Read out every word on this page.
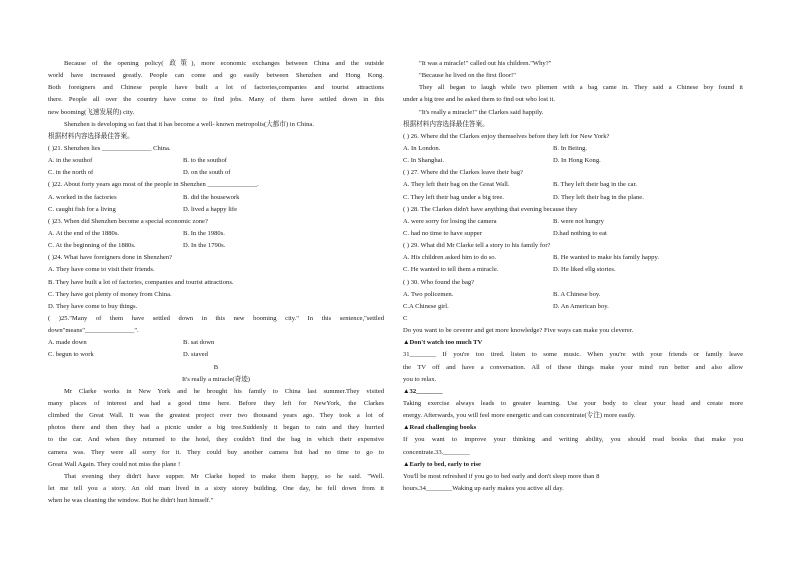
Because of the opening policy( 政策), more economic exchanges between China and the outside
world have increased greatly. People can come and go easily between Shenzhen and Hong Kong.
Both foreigners and Chinese people have built a lot of factories,companies and tourist attractions
there. People all over the country have come to find jobs. Many of them have settled down in this
new booming(飞速发展的) city.
Shenzhen is developing so fast that it has become a well- known metropolis(大都市) in China.
根据材料内容选择最佳答案。
( )21. Shenzhen lies _______________ China.
A. in the southof	B. to the southof
C. in the north of	D. on the south of
( )22. About forty years ago most of the people in Shenzhen _______________.
A. worked in the factories	B. did the housework
C. caught fish for a living	D. lived a happy life
( )23. When did Shenzhen become a special economic zone?
A. At the end of the 1880s.	B. In the 1980s.
C. At the beginning of the 1880s.	D. In the 1790s.
( )24. What have foreigners done in Shenzhen?
A. They have come to visit their friends.
B. They have built a lot of factories, companies and tourist attractions.
C. They have got plenty of money from China.
D. They have come to buy things.
( )25."Many of them have settled down in this new booming city." In this sentence,"settled
down"means"_______________".
A. made down	B. sat down
C. begun to work	D. staved
B
It's really a miracle(奇迹)
Mr Clarke works in New York and he brought his family to China last summer.They visited
many places of interest and had a good time here. Before they left for NewYork, the Clarkes
climbed the Great Wall. It was the greatest project over two thousand years ago. They took a lot of
photos there and then they had a picnic under a big tree.Suddenly it began to rain and they hurried
to the car. And when they returned to the hotel, they couldn't find the bag in which their expensive
camera was. They were all sorry for it. They could buy another camera but had no time to go to
Great Wall Again. They could not miss the plane !
That evening they didn't have supper. Mr Clarke hoped to make them happy, so he said. "Well.
let me tell you a story. An old man lived in a sixty storey building. One day, he fell down from it
when he was cleaning the window. But he didn't hurt himself."
"It was a miracle!" called out his children."Why?"
"Because he lived on the first floor!"
They all began to laugh while two pliemen with a bag came in. They said a Chinese boy found it
under a big tree and he asked them to find out who lost it.
"It's really a miracle!" the Clarkes said happily.
根据材料内容选择最佳答案。
( ) 26. Where did the Clarkes enjoy themselves before they left for New York?
A. In London.	B. In Beiing.
C. In Shanghai.	D. In Hong Kong.
( ) 27. Where did the Clarkes leave their bag?
A. They left their bag on the Great Wall.	B. They left their bag in the car.
C. They left their bag under a big tree.	D. They left their bag in the plane.
( ) 28. The Clarkes didn't have anything that evening because they
A. were sorry for losing the camera	B. were not hungry
C. had no time to have supper	D.had nothing to eat
( ) 29. What did Mr Clarke tell a story to his family for?
A. His children asked him to do so.	B. He wanted to make his family happy.
C. He wanted to tell them a miracle.	D. He liked ellg stories.
( ) 30. Who found the bag?
A. Two policemen.	B. A Chinese boy.
C.A Chinese girl.	D. An American boy.
C
Do you want to be ceverer and get more knowledge? Five ways can make you cleverer.
▲Don't watch too much TV
31________ If you're too tired. listen to some music. When you're with your friends or family leave
the TV off and have a conversation. All of these things make your mind run better and also allow
you to relax.
▲32________
Taking exercise always leads to greater learning. Use your body to clear your head and create more
energy. Afterwards, you will feel more energetic and can concentrate(专注) more easily.
▲Read challenging books
If you want to improve your thinking and writing ability, you should read books that make you
concentrate.33.________
▲Early to bed, early to rise
You'll be most refreshed if you go to bed early and don't sleep more than 8
hours.34________Waking up early makes you active all day.
